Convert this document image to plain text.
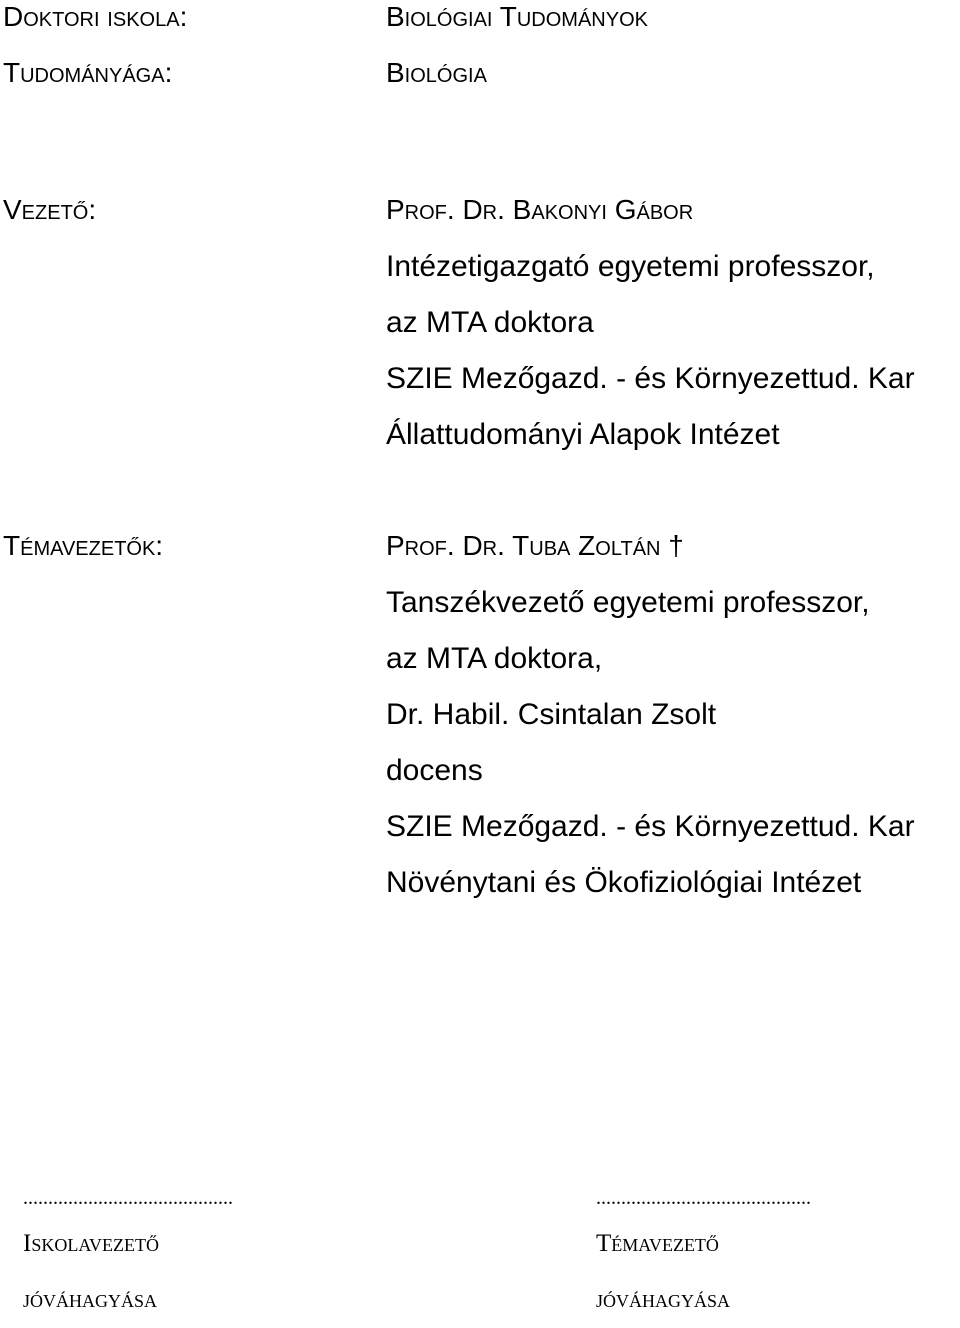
Doktori iskola:	Biológiai Tudományok
Tudományága:	Biológia
Vezető:	Prof. Dr. Bakonyi Gábor
Intézetigazgató egyetemi professzor,
az MTA doktora
SZIE Mezőgazd. - és Környezettud. Kar
Állattudományi Alapok Intézet
Témavezetők:	Prof. Dr. Tuba Zoltán †
Tanszékvezető egyetemi professzor,
az MTA doktora,
Dr. Habil. Csintalan Zsolt
docens
SZIE Mezőgazd. - és Környezettud. Kar
Növénytani és Ökofiziológiai Intézet
..........................................
Iskolavezető
jóváhagyása
...........................................
Témavezető
jóváhagyása
